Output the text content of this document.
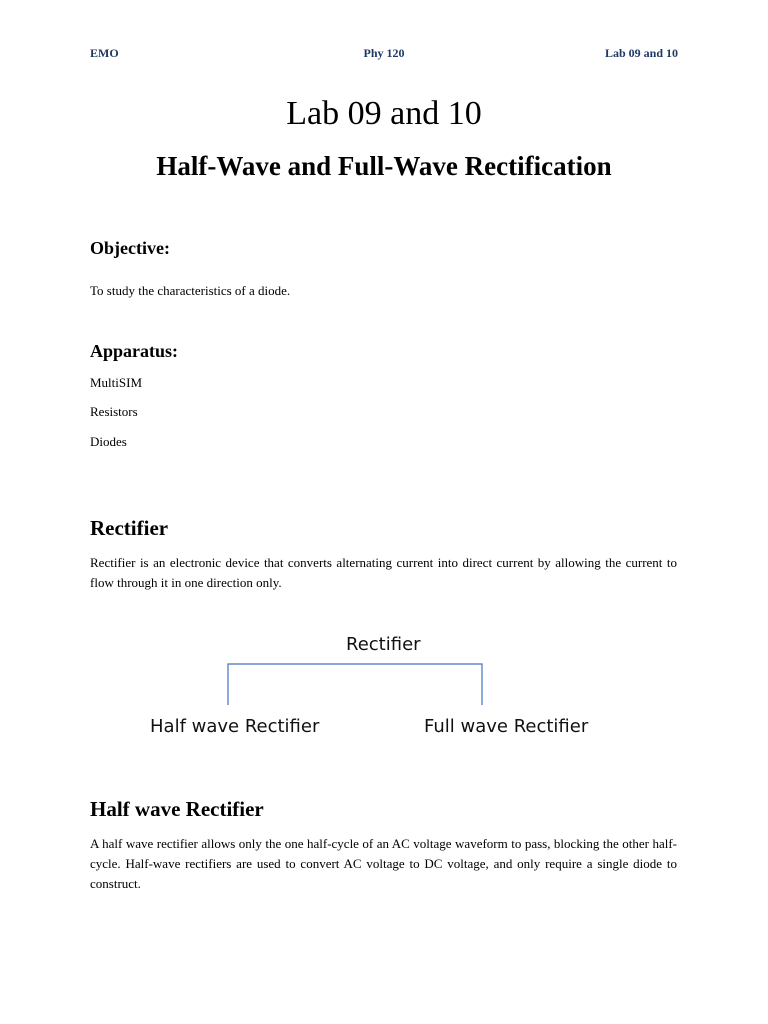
EMO	Phy 120	Lab 09 and 10
Lab 09 and 10
Half-Wave and Full-Wave Rectification
Objective:
To study the characteristics of a diode.
Apparatus:
MultiSIM
Resistors
Diodes
Rectifier
Rectifier is an electronic device that converts alternating current into direct current by allowing the current to flow through it in one direction only.
Rectifier
Half wave Rectifier	Full wave Rectifier
Half wave Rectifier
A half wave rectifier allows only the one half-cycle of an AC voltage waveform to pass, blocking the other half-cycle. Half-wave rectifiers are used to convert AC voltage to DC voltage, and only require a single diode to construct.
